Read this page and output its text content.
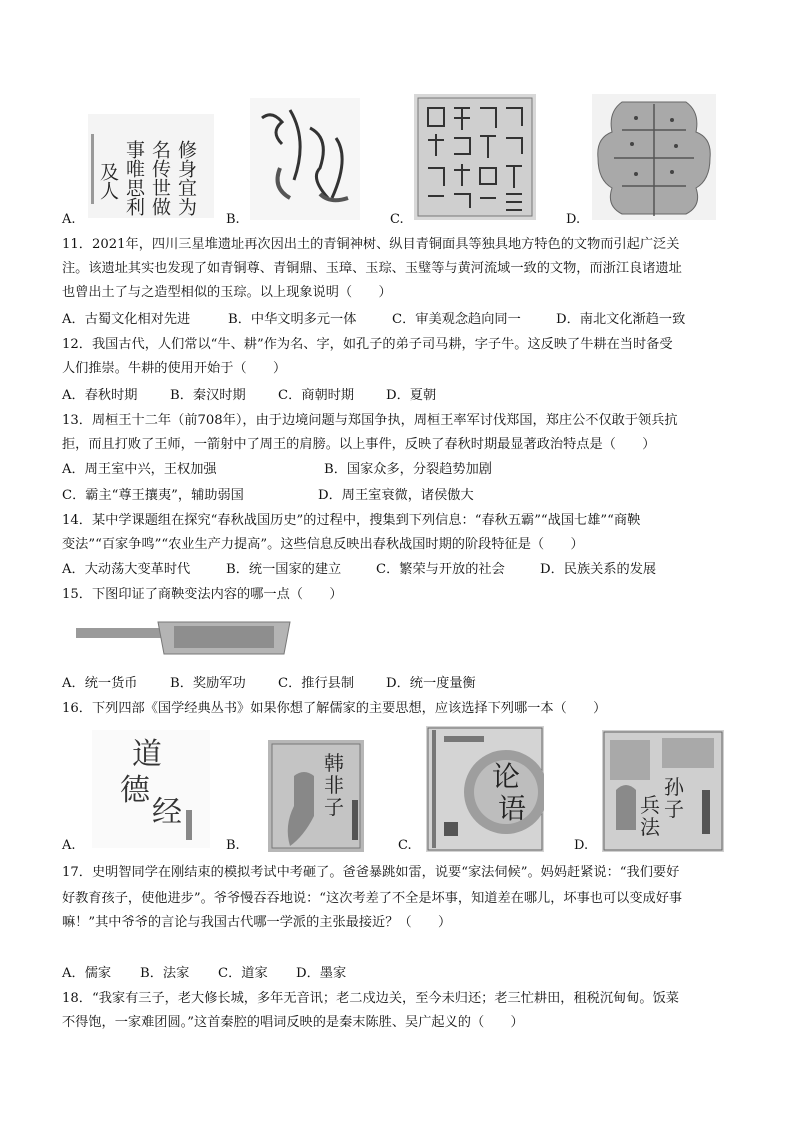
修身宜为
名传世做
事唯思利
及人
A.	B.	C.	D.
11．2021年，四川三星堆遗址再次因出土的青铜神树、纵目青铜面具等独具地方特色的文物而引起广泛关
注。该遗址其实也发现了如青铜尊、青铜鼎、玉璋、玉琮、玉璧等与黄河流域一致的文物，而浙江良诸遗址
也曾出土了与之造型相似的玉琮。以上现象说明（　　）
A．古蜀文化相对先进	B．中华文明多元一体	C．审美观念趋向同一	D．南北文化渐趋一致
12．我国古代，人们常以“牛、耕”作为名、字，如孔子的弟子司马耕，字子牛。这反映了牛耕在当时备受
人们推崇。牛耕的使用开始于（　　）
A．春秋时期 B．秦汉时期 C．商朝时期 D．夏朝
13．周桓王十二年（前708年），由于边境问题与郑国争执，周桓王率军讨伐郑国，郑庄公不仅敢于领兵抗
拒，而且打败了王师，一箭射中了周王的肩膀。以上事件，反映了春秋时期最显著政治特点是（　　）
A．周王室中兴，王权加强	B．国家众多，分裂趋势加剧
C．霸主“尊王攘夷”，辅助弱国	D．周王室衰微，诸侯傲大
14．某中学课题组在探究“春秋战国历史”的过程中，搜集到下列信息：“春秋五霸”“战国七雄”“商鞅
变法”“百家争鸣”“农业生产力提高”。这些信息反映出春秋战国时期的阶段特征是（　　）
A．大动荡大变革时代	B．统一国家的建立	C．繁荣与开放的社会	D．民族关系的发展
15．下图印证了商鞅变法内容的哪一点（　　）
A．统一货币 B．奖励军功 C．推行县制 D．统一度量衡
16．下列四部《国学经典丛书》如果你想了解儒家的主要思想，应该选择下列哪一本（　　）
道
德
经
A.
韩
非
子
B.
论
语
C.
孙
子
兵
法
D.
17．史明智同学在刚结束的模拟考试中考砸了。爸爸暴跳如雷，说要“家法伺候”。妈妈赶紧说：“我们要好
好教育孩子，使他进步”。爷爷慢吞吞地说：“这次考差了不全是坏事，知道差在哪儿，坏事也可以变成好事
嘛！”其中爷爷的言论与我国古代哪一学派的主张最接近？（　　）
A．儒家 B．法家 C．道家 D．墨家
18．“我家有三子，老大修长城，多年无音讯；老二戍边关，至今未归还；老三忙耕田，租税沉甸甸。饭菜
不得饱，一家难团圆。”这首秦腔的唱词反映的是秦末陈胜、吴广起义的（　　）
